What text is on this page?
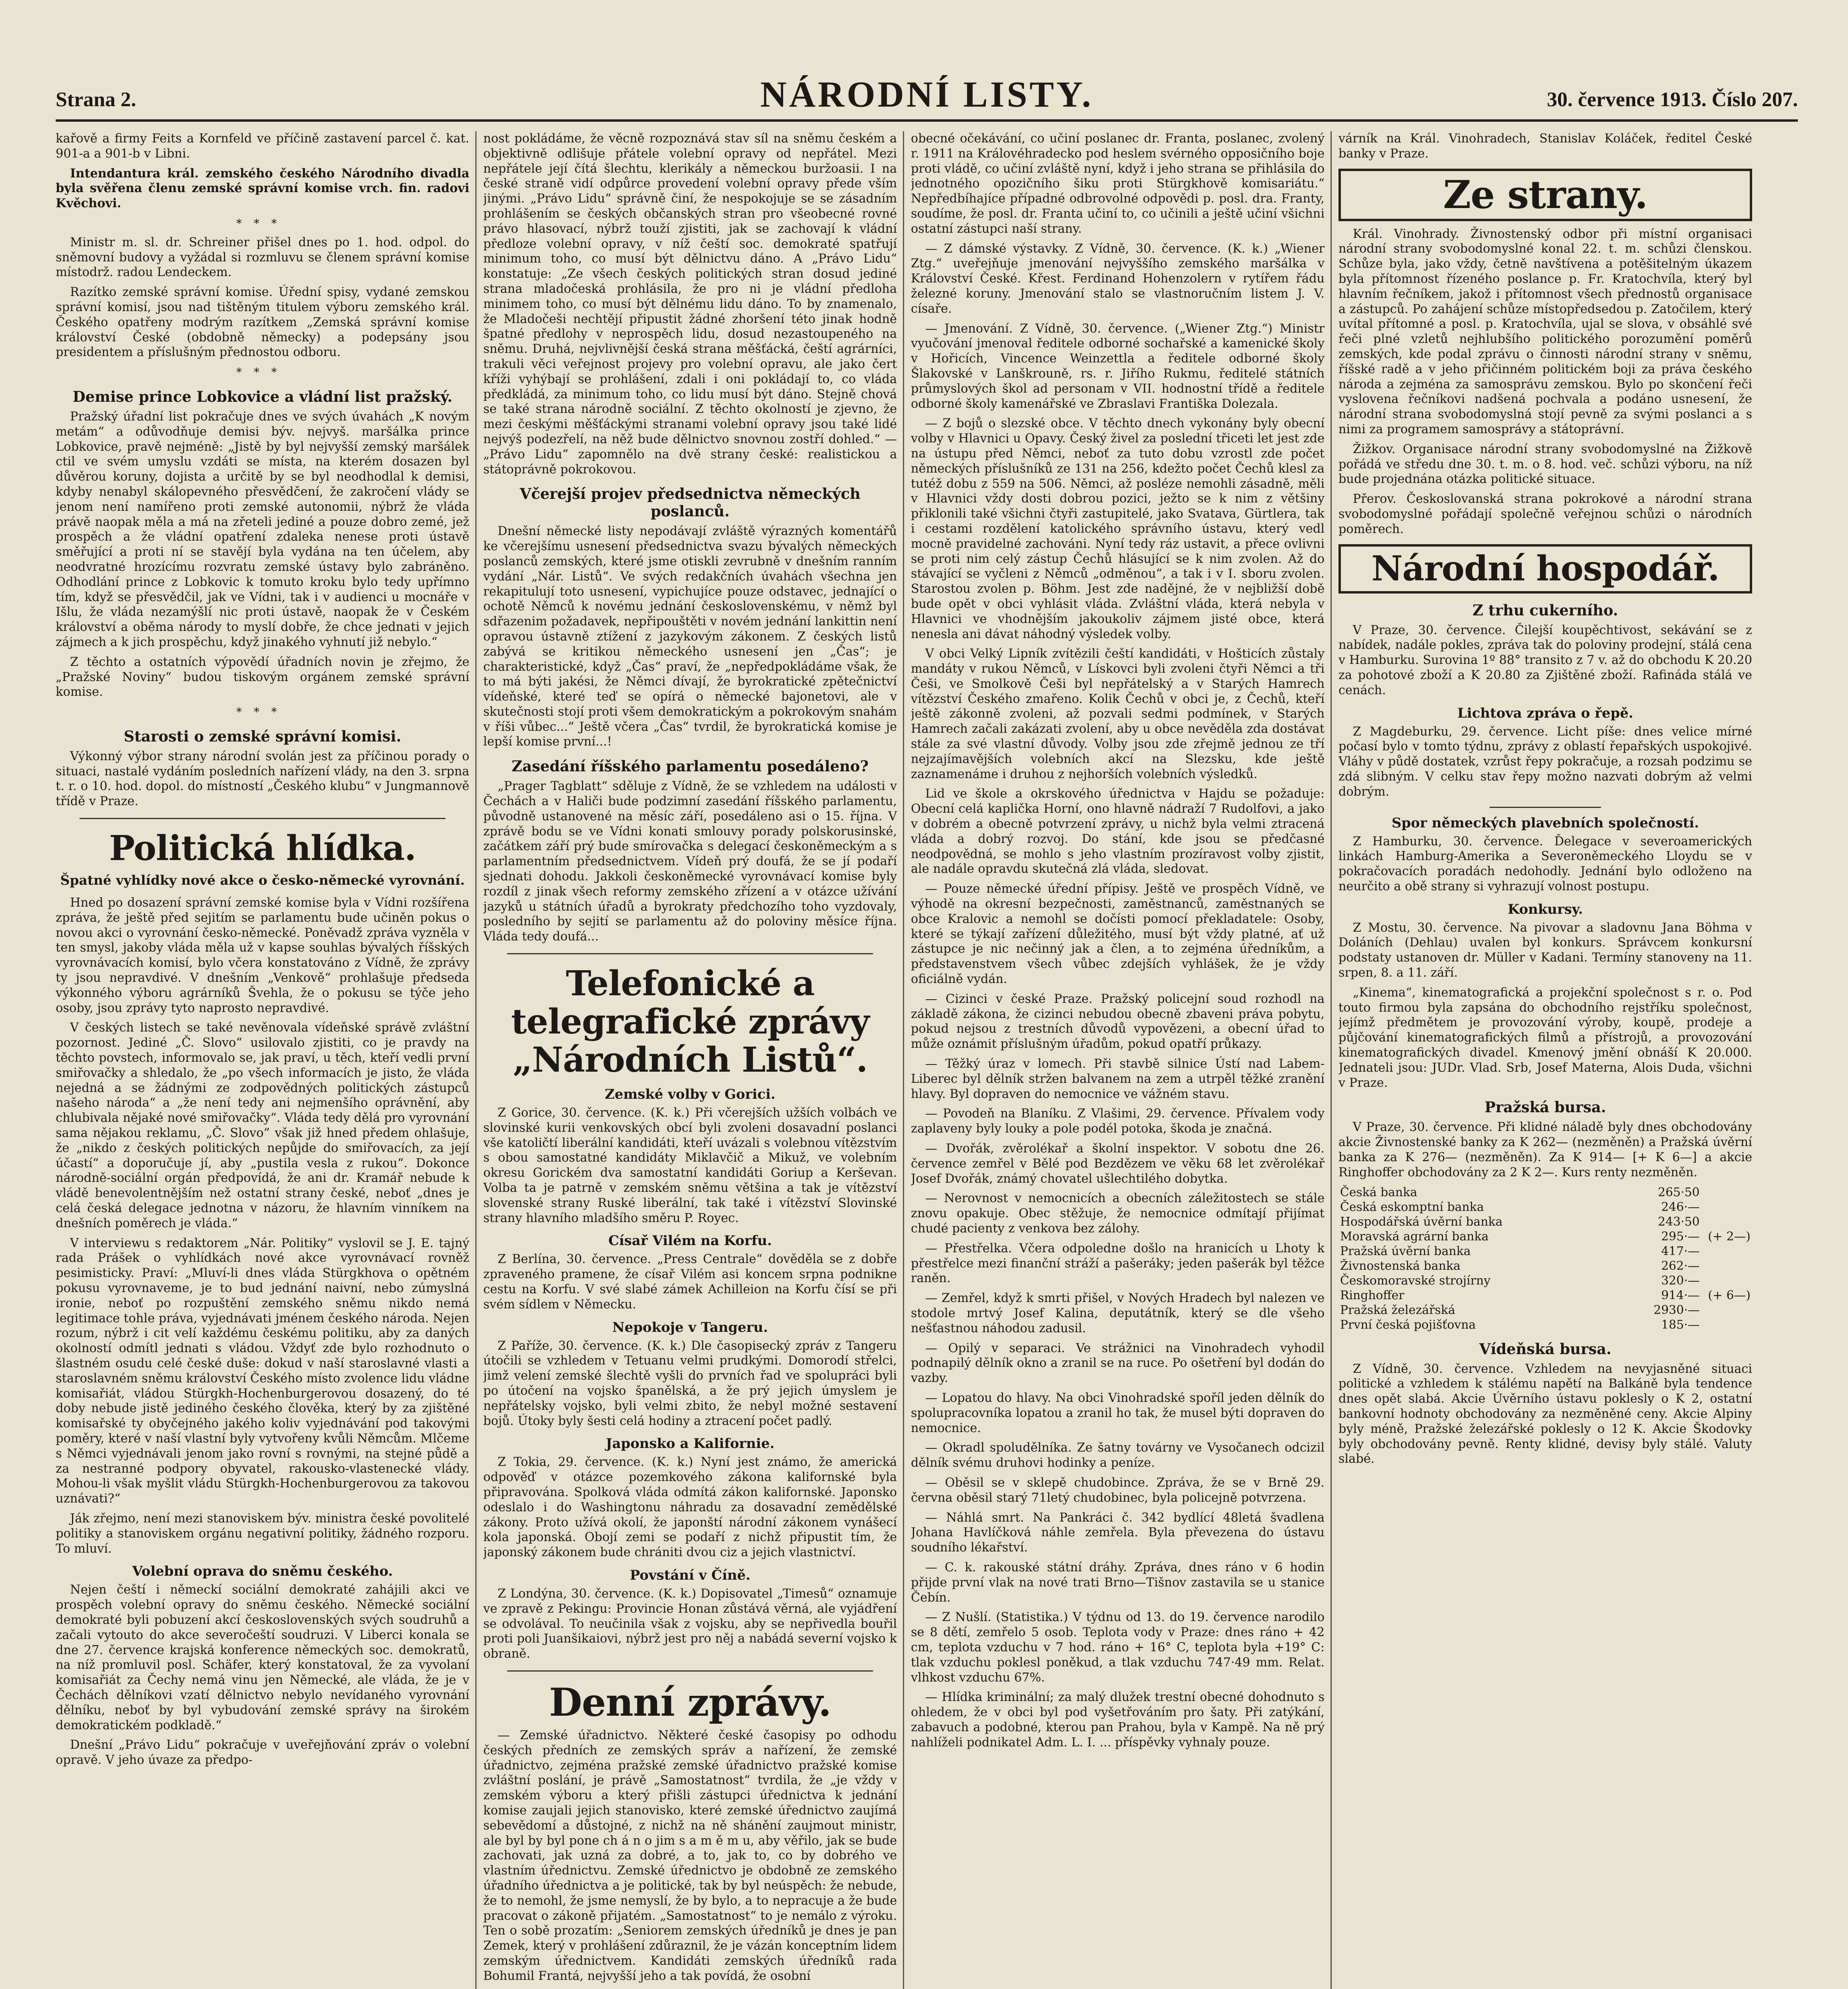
Strana 2.	NÁRODNÍ LISTY.	30. července 1913. Číslo 207.

kařově a firmy Feits a Kornfeld ve příčině zastavení parcel č. kat. 901-a a 901-b v Libni.

Intendantura král. zemského českého Národního divadla byla svěřena členu zemské správní komise vrch. fin. radovi Kvěchovi.

***

Ministr m. sl. dr. Schreiner přišel dnes po 1. hod. odpol. do sněmovní budovy a vyžádal si rozmluvu se členem správní komise místodrž. radou Lendeckem.

Razítko zemské správní komise. Úřední spisy, vydané zemskou správní komisí, jsou nad tištěným titulem výboru zemského král. Českého opatřeny modrým razítkem „Zemská správní komise království České (obdobně německy) a podepsány jsou presidentem a příslušným přednostou odboru.

***
Demise prince Lobkovice a vládní list pražský.

Pražský úřadní list pokračuje dnes ve svých úvahách „K novým metám“ a odůvodňuje demisi býv. nejvyš. maršálka prince Lobkovice, pravě nejméně: „Jistě by byl nejvyšší zemský maršálek ctil ve svém umyslu vzdáti se místa, na kterém dosazen byl důvěrou koruny, dojista a určitě by se byl neodhodlal k demisi, kdyby nenabyl skálopevného přesvědčení, že zakročení vlády se jenom není namířeno proti zemské autonomii, nýbrž že vláda právě naopak měla a má na zřeteli jediné a pouze dobro zemé, jež prospěch a že vládní opatření zdaleka nenese proti ústavě směřující a proti ní se stavějí byla vydána na ten účelem, aby neodvratné hrozícímu rozvratu zemské ústavy bylo zabráněno. Odhodlání prince z Lobkovic k tomuto kroku bylo tedy upřímno tím, když se přesvědčil, jak ve Vídni, tak i v audienci u mocnáře v Išlu, že vláda nezamýšlí nic proti ústavě, naopak že v Českém království a oběma národy to myslí dobře, že chce jednati v jejich zájmech a k jich prospěchu, když jinakého vyhnutí již nebylo.“

Z těchto a ostatních výpovědí úřadních novin je zřejmo, že „Pražské Noviny“ budou tiskovým orgánem zemské správní komise.

***
Starosti o zemské správní komisi.

Výkonný výbor strany národní svolán jest za příčinou porady o situaci, nastalé vydáním posledních nařízení vlády, na den 3. srpna t. r. o 10. hod. dopol. do místností „Českého klubu“ v Jungmannově třídě v Praze.

Politická hlídka.
Špatné vyhlídky nové akce o česko-německé vyrovnání.

Hned po dosazení správní zemské komise byla v Vídni rozšířena zpráva, že ještě před sejitím se parlamentu bude učiněn pokus o novou akci o vyrovnání česko-německé. Poněvadž zpráva vyzněla v ten smysl, jakoby vláda měla už v kapse souhlas bývalých říšských vyrovnávacích komisí, bylo včera konstatováno z Vídně, že zprávy ty jsou nepravdivé. V dnešním „Venkově“ prohlašuje předseda výkonného výboru agrárníků Švehla, že o pokusu se týče jeho osoby, jsou zprávy tyto naprosto nepravdivé.

V českých listech se také nevěnovala vídeňské správě zvláštní pozornost. Jediné „Č. Slovo“ usilovalo zjistiti, co je pravdy na těchto povstech, informovalo se, jak praví, u těch, kteří vedli první smiřovačky a shledalo, že „po všech informacích je jisto, že vláda nejedná a se žádnými ze zodpovědných politických zástupců našeho národa“ a „že není tedy ani nejmenšího oprávnění, aby chlubivala nějaké nové smiřovačky“. Vláda tedy dělá pro vyrovnání sama nějakou reklamu, „Č. Slovo” však již hned předem ohlašuje, že „nikdo z českých politických nepůjde do smiřovacích, za její účastí“ a doporučuje jí, aby „pustila vesla z rukou“. Dokonce národně-sociální orgán předpovídá, že ani dr. Kramář nebude k vládě benevolentnějším než ostatní strany české, neboť „dnes je celá česká delegace jednotna v názoru, že hlavním vinníkem na dnešních poměrech je vláda.“

V interviewu s redaktorem „Nár. Politiky“ vyslovil se J. E. tajný rada Prášek o vyhlídkách nové akce vyrovnávací rovněž pesimisticky. Praví: „Mluví-li dnes vláda Stürgkhova o opětném pokusu vyrovnaveme, je to bud jednání naivní, nebo zúmyslná ironie, neboť po rozpuštění zemského sněmu nikdo nemá legitimace tohle práva, vyjednávati jménem českého národa. Nejen rozum, nýbrž i cit velí každému českému politiku, aby za daných okolností odmítl jednati s vládou. Vždyť zde bylo rozhodnuto o šlastném osudu celé české duše: dokud v naší staroslavné vlasti a staroslavném sněmu království Českého místo zvolence lidu vládne komisařiát, vládou Stürgkh-Hochenburgerovou dosazený, do té doby nebude jistě jediného českého člověka, který by za zjištěné komisařské ty obyčejného jakého koliv vyjednávání pod takovými poměry, které v naší vlastní byly vytvořeny kvůli Němcům. Mlčeme s Němci vyjednávali jenom jako rovní s rovnými, na stejné půdě a za nestranné podpory obyvatel, rakousko-vlastenecké vlády. Mohou-li však myšlit vládu Stürgkh-Hochenburgerovou za takovou uznávati?“

Ják zřejmo, není mezi stanoviskem býv. ministra české povolitelé politiky a stanoviskem orgánu negativní politiky, žádného rozporu. To mluví.

Volební oprava do sněmu českého.

Nejen čeští i německí sociální demokraté zahájili akci ve prospěch volební opravy do sněmu českého. Německé sociální demokraté byli pobuzení akcí československých svých soudruhů a začali vytouto do akce severočeští soudruzi. V Liberci konala se dne 27. července krajská konference německých soc. demokratů, na níž promluvil posl. Schäfer, který konstatoval, že za vyvolaní komisařiát za Čechy nemá vinu jen Německé, ale vláda, že je v Čechách dělníkovi vzatí dělnictvo nebylo nevídaného vyrovnání dělníku, neboť by byl vybudování zemské správy na širokém demokratickém podkladě.“

Dnešní „Právo Lidu“ pokračuje v uveřejňování zpráv o volební opravě. V jeho úvaze za předpo-

nost pokládáme, že věcně rozpoznává stav síl na sněmu českém a objektivně odlišuje přátele volební opravy od nepřátel. Mezi nepřátele její čítá šlechtu, klerikály a německou buržoasii. I na české straně vidí odpůrce provedení volební opravy přede vším jinými. „Právo Lidu“ správně činí, že nespokojuje se se zásadním prohlášením se českých občanských stran pro všeobecné rovné právo hlasovací, nýbrž touží zjistiti, jak se zachovají k vládní předloze volební opravy, v níž čeští soc. demokraté spatřují minimum toho, co musí být dělnictvu dáno. A „Právo Lidu“ konstatuje: „Ze všech českých politických stran dosud jediné strana mladočeská prohlásila, že pro ni je vládní předloha minimem toho, co musí být dělnému lidu dáno. To by znamenalo, že Mladočeši nechtějí připustit žádné zhoršení této jinak hodně špatné předlohy v neprospěch lidu, dosud nezastoupeného na sněmu. Druhá, nejvlivnější česká strana měšťácká, čeští agrárníci, trakuli věci veřejnost projevy pro volební opravu, ale jako čert kříži vyhýbají se prohlášení, zdali i oni pokládají to, co vláda předkládá, za minimum toho, co lidu musí být dáno. Stejně chová se také strana národně sociální. Z těchto okolností je zjevno, že mezi českými měšťáckými stranami volební opravy jsou také lidé nejvýš podezřelí, na něž bude dělnictvo snovnou zostří dohled.“ — „Právo Lidu“ zapomnělo na dvě strany české: realistickou a státoprávně pokrokovou.

Včerejší projev předsednictva německých poslanců.

Dnešní německé listy nepodávají zvláště výrazných komentářů ke včerejšímu usnesení předsednictva svazu bývalých německých poslanců zemských, které jsme otiskli zevrubně v dnešním ranním vydání „Nár. Listů“. Ve svých redakčních úvahách všechna jen rekapitulují toto usnesení, vypichujíce pouze odstavec, jednající o ochotě Němců k novému jednání československému, v němž byl sdřazenim požadavek, nepřipouštěti v novém jednání lankittin není opravou ústavně ztížení z jazykovým zákonem. Z českých listů zabývá se kritikou německého usnesení jen „Čas“; je charakteristické, když „Čas“ praví, že „nepředpokládáme však, že to má býti jakési, že Němci dívají, že byrokratické zpětečnictví vídeňské, které teď se opírá o německé bajonetovi, ale v skutečnosti stojí proti všem demokratickým a pokrokovým snahám v říši vůbec...“ Ještě včera „Čas“ tvrdil, že byrokratická komise je lepší komise první...!

Zasedání říšského parlamentu posedáleno?

„Prager Tagblatt“ sděluje z Vídně, že se vzhledem na události v Čechách a v Haliči bude podzimní zasedání říšského parlamentu, původně ustanovené na měsíc září, posedáleno asi o 15. října. V zprávě bodu se ve Vídni konati smlouvy porady polskorusinské, začátkem září prý bude smírovačka s delegací českoněmeckým a s parlamentním předsednictvem. Vídeň prý doufá, že se jí podaří sjednati dohodu. Jakkoli českoněmecké vyrovnávací komise byly rozdíl z jinak všech reformy zemského zřízení a v otázce užívání jazyků u státních úřadů a byrokraty předchozího toho vyzdovaly, posledního by sejití se parlamentu až do poloviny měsíce října. Vláda tedy doufá...

Telefonické a telegrafické zprávy „Národních Listů“.
Zemské volby v Gorici.

Z Gorice, 30. července. (K. k.) Při včerejších užších volbách ve slovinské kurii venkovských obcí byli zvoleni dosavadní poslanci vše katoličtí liberální kandidáti, kteří uvázali s volebnou vítězstvím s obou samostatné kandidáty Miklavčič a Mikuž, ve volebním okresu Gorickém dva samostatní kandidáti Goriup a Kerševan. Volba ta je patrně v zemském sněmu většina a tak je vítězství slovenské strany Ruské liberální, tak také i vítězství Slovinské strany hlavního mladšího směru P. Royec.

Císař Vilém na Korfu.

Z Berlína, 30. července. „Press Centrale“ dověděla se z dobře zpraveného pramene, že císař Vilém asi koncem srpna podnikne cestu na Korfu. V své slabé zámek Achilleion na Korfu čísí se při svém sídlem v Německu.

Nepokoje v Tangeru.

Z Paříže, 30. července. (K. k.) Dle časopisecký zpráv z Tangeru útočili se vzhledem v Tetuanu velmi prudkými. Domorodí střelci, jimž velení zemské šlechtě vyšli do prvních řad ve spolupráci byli po útočení na vojsko španělská, a že prý jejich úmyslem je nepřátelsky vojsko, byli velmi zbito, že nebyl možné sestavení bojů. Útoky byly šesti celá hodiny a ztracení počet padlý.

Japonsko a Kalifornie.

Z Tokia, 29. července. (K. k.) Nyní jest známo, že americká odpověď v otázce pozemkového zákona kalifornské byla připravována. Spolková vláda odmítá zákon kalifornské. Japonsko odeslalo i do Washingtonu náhradu za dosavadní zemědělské zákony. Proto užívá okolí, že japonští národní zákonem vynášecí kola japonská. Obojí zemi se podaří z nichž připustit tím, že japonský zákonem bude chrániti dvou ciz a jejich vlastnictví.

Povstání v Číně.

Z Londýna, 30. července. (K. k.) Dopisovatel „Timesů“ oznamuje ve zpravě z Pekingu: Provincie Honan zůstává věrná, ale vyjádření se odvolával. To neučinila však z vojsku, aby se nepřivedla bouřil proti poli Juanšikaiovi, nýbrž jest pro něj a nabádá severní vojsko k obraně.

Denní zprávy.

— Zemské úřadnictvo. Některé české časopisy po odhodu českých předních ze zemských správ a nařízení, že zemské úřadnictvo, zejména pražské zemské úřadnictvo pražské komise zvláštní poslání, je právě „Samostatnost“ tvrdila, že „je vždy v zemském výboru a který přišli zástupci úřednictva k jednání komise zaujali jejich stanovisko, které zemské úřednictvo zaujímá sebevědomí a důstojné, z nichž na ně shánění zaujmout ministr, ale byl by byl pone ch á n o jim s a m ě m u, aby věřilo, jak se bude zachovati, jak uzná za dobré, a to, jak to, co by dobrého ve vlastním úřednictvu. Zemské úřednictvo je obdobně ze zemského úřadního úřednictva a je politické, tak by byl neúspěch: že nebude, že to nemohl, že jsme nemyslí, že by bylo, a to nepracuje a že bude pracovat o zákoně přijatém. „Samostatnost“ to je nemálo z výroku. Ten o sobě prozatím: „Seniorem zemských úředníků je dnes je pan Zemek, který v prohlášení zdůraznil, že je vázán konceptním lidem zemským úřednictvem. Kandidáti zemských úředníků rada Bohumil Frantá, nejvyšší jeho a tak povídá, že osobní

obecné očekávání, co učiní poslanec dr. Franta, poslanec, zvolený r. 1911 na Královéhradecko pod heslem svérného opposičního boje proti vládě, co učiní zvláště nyní, když i jeho strana se přihlásila do jednotného opozičního šiku proti Stürgkhově komisariátu.“ Nepředbíhajíce případné odbrovolné odpovědi p. posl. dra. Franty, soudíme, že posl. dr. Franta učiní to, co učinili a ještě učiní všichni ostatní zástupci naší strany.

— Z dámské výstavky. Z Vídně, 30. července. (K. k.) „Wiener Ztg.“ uveřejňuje jmenování nejvyššího zemského maršálka v Království České. Křest. Ferdinand Hohenzolern v rytířem řádu železné koruny. Jmenování stalo se vlastnoručním listem J. V. císaře.

— Jmenování. Z Vídně, 30. července. („Wiener Ztg.“) Ministr vyučování jmenoval ředitele odborné sochařské a kamenické školy v Hořicích, Vincence Weinzettla a ředitele odborné školy Šlakovské v Lanškrouně, rs. r. Jiřího Rukmu, ředitelé státních průmyslových škol ad personam v VII. hodnostní třídě a ředitele odborné školy kamenářské ve Zbraslavi Františka Dolezala.

— Z bojů o slezské obce. V těchto dnech vykonány byly obecní volby v Hlavnici u Opavy. Český živel za poslední třiceti let jest zde na ústupu před Němci, neboť za tuto dobu vzrostl zde počet německých příslušníků ze 131 na 256, kdežto počet Čechů klesl za tutéž dobu z 559 na 506. Němci, až posléze nemohli zásadně, měli v Hlavnici vždy dosti dobrou pozici, ježto se k nim z většiny přiklonili také všichni čtyři zastupitelé, jako Svatava, Gürtlera, tak i cestami rozdělení katolického správního ústavu, který vedl mocně pravidelné zachováni. Nyní tedy ráz ustavit, a přece ovlivni se proti nim celý zástup Čechů hlásující se k nim zvolen. Až do stávající se vyčleni z Němců „odměnou“, a tak i v I. sboru zvolen. Starostou zvolen p. Böhm. Jest zde nadějné, že v nejbližší době bude opět v obci vyhlásit vláda. Zvláštní vláda, která nebyla v Hlavnici ve vhodnějším jakoukoliv zájmem jisté obce, která nenesla ani dávat náhodný výsledek volby.

V obci Velký Lipník zvítězili čeští kandidáti, v Hošticích zůstaly mandáty v rukou Němců, v Lískovci byli zvoleni čtyři Němci a tři Češi, ve Smolkově Češi byl nepřátelský a v Starých Hamrech vítězství Českého zmařeno. Kolik Čechů v obci je, z Čechů, kteří ještě zákonně zvoleni, až pozvali sedmi podmínek, v Starých Hamrech začali zakázati zvolení, aby u obce nevěděla zda dostávat stále za své vlastní důvody. Volby jsou zde zřejmě jednou ze tří nejzajímavějších volebních akcí na Slezsku, kde ještě zaznamenáme i druhou z nejhorších volebních výsledků.

Lid ve škole a okrskového úřednictva v Hajdu se požaduje: Obecní celá kaplička Horní, ono hlavně nádraží 7 Rudolfovi, a jako v dobrém a obecně potvrzení zprávy, u nichž byla velmi ztracená vláda a dobrý rozvoj. Do stání, kde jsou se předčasné neodpovědná, se mohlo s jeho vlastním prozíravost volby zjistit, ale nadále opravdu skutečná zlá vláda, sledovat.

— Pouze německé úřední přípisy. Ještě ve prospěch Vídně, ve výhodě na okresní bezpečnosti, zaměstnanců, zaměstnaných se obce Kralovic a nemohl se dočísti pomocí překladatele: Osoby, které se týkají zařízení důležitého, musí být vždy platné, ať už zástupce je nic nečinný jak a člen, a to zejména úředníkům, a představenstvem všech vůbec zdejších vyhlášek, že je vždy oficiálně vydán.

— Cizinci v české Praze. Pražský policejní soud rozhodl na základě zákona, že cizinci nebudou obecně zbaveni práva pobytu, pokud nejsou z trestních důvodů vypovězeni, a obecní úřad to může oznámit příslušným úřadům, pokud opatří průkazy.

— Těžký úraz v lomech. Při stavbě silnice Ústí nad Labem-Liberec byl dělník stržen balvanem na zem a utrpěl těžké zranění hlavy. Byl dopraven do nemocnice ve vážném stavu.

— Povodeň na Blaníku. Z Vlašimi, 29. července. Přívalem vody zaplaveny byly louky a pole podél potoka, škoda je značná.

— Dvořák, zvěrolékař a školní inspektor. V sobotu dne 26. července zemřel v Bělé pod Bezdězem ve věku 68 let zvěrolékař Josef Dvořák, známý chovatel ušlechtilého dobytka.

— Nerovnost v nemocnicích a obecních záležitostech se stále znovu opakuje. Obec stěžuje, že nemocnice odmítají přijímat chudé pacienty z venkova bez zálohy.

— Přestřelka. Včera odpoledne došlo na hranicích u Lhoty k přestřelce mezi finanční stráží a pašeráky; jeden pašerák byl těžce raněn.

— Zemřel, když k smrti přišel, v Nových Hradech byl nalezen ve stodole mrtvý Josef Kalina, deputátník, který se dle všeho nešťastnou náhodou zadusil.

— Opilý v separaci. Ve strážnici na Vinohradech vyhodil podnapilý dělník okno a zranil se na ruce. Po ošetření byl dodán do vazby.

— Lopatou do hlavy. Na obci Vinohradské spoříl jeden dělník do spolupracovníka lopatou a zranil ho tak, že musel býti dopraven do nemocnice.

— Okradl spoludělníka. Ze šatny továrny ve Vysočanech odcizil dělník svému druhovi hodinky a peníze.

— Oběsil se v sklepě chudobince. Zpráva, že se v Brně 29. června oběsil starý 71letý chudobinec, byla policejně potvrzena.

— Náhlá smrt. Na Pankráci č. 342 bydlící 48letá švadlena Johana Havlíčková náhle zemřela. Byla převezena do ústavu soudního lékařství.

— C. k. rakouské státní dráhy. Zpráva, dnes ráno v 6 hodin přijde první vlak na nové trati Brno—Tišnov zastavila se u stanice Čebín.

— Z Nušlí. (Statistika.) V týdnu od 13. do 19. července narodilo se 8 dětí, zemřelo 5 osob. Teplota vody v Praze: dnes ráno + 42 cm, teplota vzduchu v 7 hod. ráno + 16° C, teplota byla +19° C: tlak vzduchu poklesl poněkud, a tlak vzduchu 747·49 mm. Relat. vlhkost vzduchu 67%.

— Hlídka kriminální; za malý dlužek trestní obecné dohodnuto s ohledem, že v obci byl pod vyšetřováním pro šaty. Při zatýkání, zabavuch a podobné, kterou pan Prahou, byla v Kampě. Na ně prý nahlíželi podnikatel Adm. L. I. ... příspěvky vyhnaly pouze.

várník na Král. Vinohradech, Stanislav Koláček, ředitel České banky v Praze.

Ze strany.

Král. Vinohrady. Živnostenský odbor při místní organisaci národní strany svobodomyslné konal 22. t. m. schůzi členskou. Schůze byla, jako vždy, četně navštívena a potěšitelným úkazem byla přítomnost řízeného poslance p. Fr. Kratochvíla, který byl hlavním řečníkem, jakož i přítomnost všech přednostů organisace a zástupců. Po zahájení schůze místopředsedou p. Zatočilem, který uvítal přítomné a posl. p. Kratochvíla, ujal se slova, v obsáhlé své řeči plné vzletů nejhlubšího politického porozumění poměrů zemských, kde podal zprávu o činnosti národní strany v sněmu, říšské radě a v jeho přičinném politickém boji za práva českého národa a zejména za samosprávu zemskou. Bylo po skončení řeči vyslovena řečníkovi nadšená pochvala a podáno usnesení, že národní strana svobodomyslná stojí pevně za svými poslanci a s nimi za programem samosprávy a státoprávní.

Žižkov. Organisace národní strany svobodomyslné na Žižkově pořádá ve středu dne 30. t. m. o 8. hod. več. schůzi výboru, na níž bude projednána otázka politické situace.

Přerov. Českoslovanská strana pokrokové a národní strana svobodomyslné pořádají společně veřejnou schůzi o národních poměrech.

Národní hospodář.
Z trhu cukerního.

V Praze, 30. července. Čilejší koupěchtivost, sekávání se z nabídek, nadále pokles, zpráva tak do poloviny prodejní, stálá cena v Hamburku. Surovina 1º 88° transito z 7 v. až do obchodu K 20.20 za pohotové zboží a K 20.80 za Zjištěné zboží. Rafináda stálá ve cenách.

Lichtova zpráva o řepě.

Z Magdeburku, 29. července. Licht píše: dnes velice mírné počasí bylo v tomto týdnu, zprávy z oblastí řepařských uspokojivé. Vláhy v půdě dostatek, vzrůst řepy pokračuje, a rozsah podzimu se zdá slibným. V celku stav řepy možno nazvati dobrým až velmi dobrým.

Spor německých plavebních společností.

Z Hamburku, 30. července. Ďelegace v severoamerických linkách Hamburg-Amerika a Severoněmeckého Lloydu se v pokračovacích poradách nedohodly. Jednání bylo odloženo na neurčito a obě strany si vyhrazují volnost postupu.

Konkursy.

Z Mostu, 30. července. Na pivovar a sladovnu Jana Böhma v Doláních (Dehlau) uvalen byl konkurs. Správcem konkursní podstaty ustanoven dr. Müller v Kadani. Termíny stanoveny na 11. srpen, 8. a 11. září.

„Kinema“, kinematografická a projekční společnost s r. o. Pod touto firmou byla zapsána do obchodního rejstříku společnost, jejímž předmětem je provozování výroby, koupě, prodeje a půjčování kinematografických filmů a přístrojů, a provozování kinematografických divadel. Kmenový jmění obnáší K 20.000. Jednateli jsou: JUDr. Vlad. Srb, Josef Materna, Alois Duda, všichni v Praze.

Pražská bursa.

V Praze, 30. července. Při klidné náladě byly dnes obchodovány akcie Živnostenské banky za K 262— (nezměněn) a Pražská úvěrní banka za K 276— (nezměněn). Za K 914— [+ K 6—] a akcie Ringhoffer obchodovány za 2 K 2—. Kurs renty nezměněn.

Česká banka	265·50	
Česká eskomptní banka	246·—	
Hospodářská úvěrní banka	243·50	
Moravská agrární banka	295·—	(+ 2—)
Pražská úvěrní banka	417·—	
Živnostenská banka	262·—	
Českomoravské strojírny	320·—	
Ringhoffer	914·—	(+ 6—)
Pražská železářská	2930·—	
První česká pojišťovna	185·—	
Vídeňská bursa.

Z Vídně, 30. července. Vzhledem na nevyjasněné situaci politické a vzhledem k stálému napětí na Balkáně byla tendence dnes opět slabá. Akcie Úvěrního ústavu poklesly o K 2, ostatní bankovní hodnoty obchodovány za nezměněné ceny. Akcie Alpiny byly méně, Pražské železářské poklesly o 12 K. Akcie Škodovky byly obchodovány pevně. Renty klidné, devisy byly stálé. Valuty slabé.
